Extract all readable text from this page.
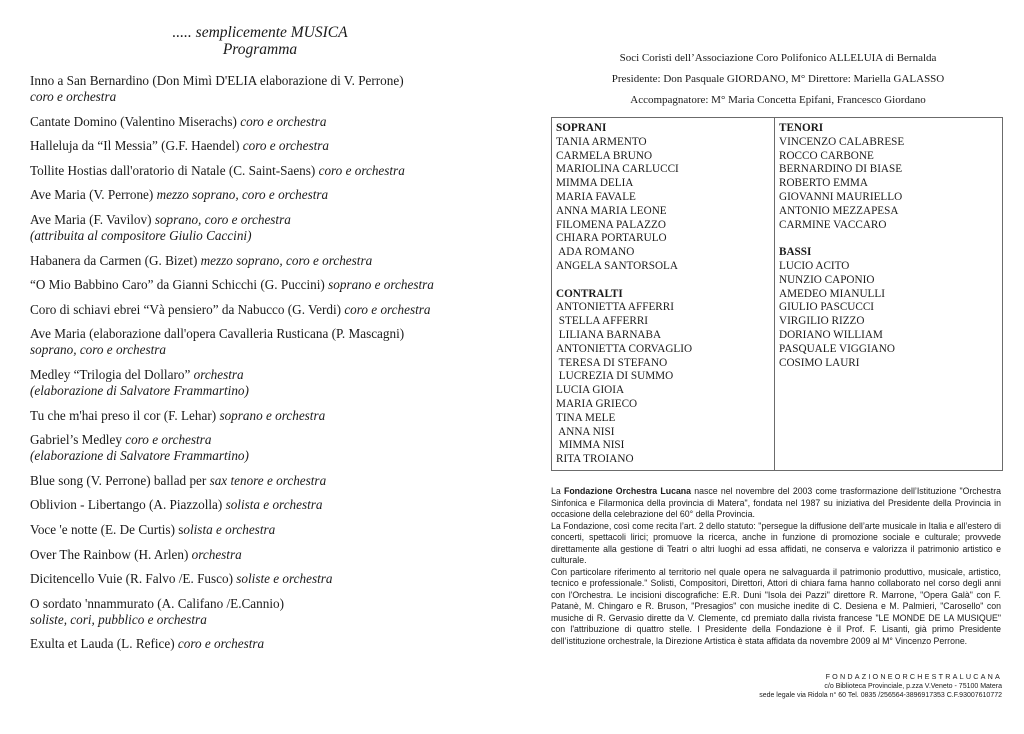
..... semplicemente MUSICA
Programma
Inno a San Bernardino (Don Mimì D'ELIA elaborazione di V. Perrone)
coro e orchestra
Cantate Domino (Valentino Miserachs) coro e orchestra
Halleluja da “Il Messia” (G.F. Haendel) coro e orchestra
Tollite Hostias dall'oratorio di Natale (C. Saint-Saens) coro e orchestra
Ave Maria (V. Perrone) mezzo soprano, coro e orchestra
Ave Maria (F. Vavilov) soprano, coro e orchestra
(attribuita al compositore Giulio Caccini)
Habanera da Carmen (G. Bizet) mezzo soprano, coro e orchestra
“O Mio Babbino Caro” da Gianni Schicchi (G. Puccini) soprano e orchestra
Coro di schiavi ebrei “Và pensiero” da Nabucco (G. Verdi) coro e orchestra
Ave Maria (elaborazione dall'opera Cavalleria Rusticana (P. Mascagni)
soprano, coro e orchestra
Medley “Trilogia del Dollaro” orchestra
(elaborazione di Salvatore Frammartino)
Tu che m'hai preso il cor (F. Lehar) soprano e orchestra
Gabriel’s Medley coro e orchestra
(elaborazione di Salvatore Frammartino)
Blue song (V. Perrone) ballad per sax tenore e orchestra
Oblivion - Libertango (A. Piazzolla) solista e orchestra
Voce 'e notte (E. De Curtis) solista e orchestra
Over The Rainbow (H. Arlen) orchestra
Dicitencello Vuie (R. Falvo /E. Fusco) soliste e orchestra
O sordato 'nnammurato (A. Califano /E.Cannio)
soliste, cori, pubblico e orchestra
Exulta et Lauda (L. Refice) coro e orchestra
Soci Coristi dell’Associazione Coro Polifonico ALLELUIA di Bernalda
Presidente: Don Pasquale GIORDANO, M° Direttore: Mariella GALASSO
Accompagnatore: M° Maria Concetta Epifani, Francesco Giordano
SOPRANI
TANIA ARMENTO
CARMELA BRUNO
MARIOLINA CARLUCCI
MIMMA DELIA
MARIA FAVALE
ANNA MARIA LEONE
FILOMENA PALAZZO
CHIARA PORTARULO
ADA ROMANO
ANGELA SANTORSOLA
CONTRALTI
ANTONIETTA AFFERRI
STELLA AFFERRI
LILIANA BARNABA
ANTONIETTA CORVAGLIO
TERESA DI STEFANO
LUCREZIA DI SUMMO
LUCIA GIOIA
MARIA GRIECO
TINA MELE
ANNA NISI
MIMMA NISI
RITA TROIANO
TENORI
VINCENZO CALABRESE
ROCCO CARBONE
BERNARDINO DI BIASE
ROBERTO EMMA
GIOVANNI MAURIELLO
ANTONIO MEZZAPESA
CARMINE VACCARO
BASSI
LUCIO ACITO
NUNZIO CAPONIO
AMEDEO MIANULLI
GIULIO PASCUCCI
VIRGILIO RIZZO
DORIANO WILLIAM
PASQUALE VIGGIANO
COSIMO LAURI

La Fondazione Orchestra Lucana nasce nel novembre del 2003 come trasformazione dell’Istituzione "Orchestra Sinfonica e Filarmonica della provincia di Matera", fondata nel 1987 su iniziativa del Presidente della Provincia in occasione della celebrazione del 60° della Provincia.

La Fondazione, così come recita l’art. 2 dello statuto: "persegue la diffusione dell’arte musicale in Italia e all’estero di concerti, spettacoli lirici; promuove la ricerca, anche in funzione di promozione sociale e culturale; provvede direttamente alla gestione di Teatri o altri luoghi ad essa affidati, ne conserva e valorizza il patrimonio artistico e culturale.

Con particolare riferimento al territorio nel quale opera ne salvaguarda il patrimonio produttivo, musicale, artistico, tecnico e professionale." Solisti, Compositori, Direttori, Attori di chiara fama hanno collaborato nel corso degli anni con l'Orchestra. Le incisioni discografiche: E.R. Duni "Isola dei Pazzi" direttore R. Marrone, "Opera Galà" con F. Patanè, M. Chingaro e R. Bruson, "Presagios" con musiche inedite di C. Desiena e M. Palmieri, "Carosello" con musiche di R. Gervasio dirette da V. Clemente, cd premiato dalla rivista francese "LE MONDE DE LA MUSIQUE" con l'attribuzione di quattro stelle. I Presidente della Fondazione è il Prof. F. Lisanti, già primo Presidente dell’istituzione orchestrale, la Direzione Artistica è stata affidata da novembre 2009 al M° Vincenzo Perrone.

FONDAZIONEORCHESTRALUCANA
c/o Biblioteca Provinciale, p.zza V.Veneto - 75100 Matera
sede legale via Ridola n° 60 Tel. 0835 /256564-3896917353 C.F.93007610772
